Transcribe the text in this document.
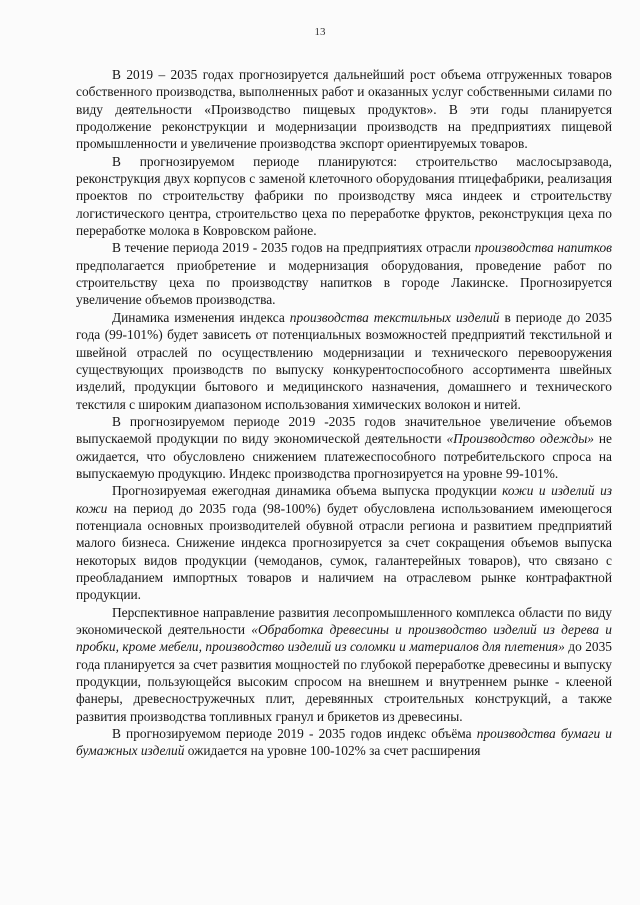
13

В 2019 – 2035 годах прогнозируется дальнейший рост объема отгруженных товаров собственного производства, выполненных работ и оказанных услуг собственными силами по виду деятельности «Производство пищевых продуктов». В эти годы планируется продолжение реконструкции и модернизации производств на предприятиях пищевой промышленности и увеличение производства экспорт ориентируемых товаров.

В прогнозируемом периоде планируются: строительство маслосырзавода, реконструкция двух корпусов с заменой клеточного оборудования птицефабрики, реализация проектов по строительству фабрики по производству мяса индеек и строительству логистического центра, строительство цеха по переработке фруктов, реконструкция цеха по переработке молока в Ковровском районе.

В течение периода 2019 - 2035 годов на предприятиях отрасли производства напитков предполагается приобретение и модернизация оборудования, проведение работ по строительству цеха по производству напитков в городе Лакинске. Прогнозируется увеличение объемов производства.

Динамика изменения индекса производства текстильных изделий в периоде до 2035 года (99-101%) будет зависеть от потенциальных возможностей предприятий текстильной и швейной отраслей по осуществлению модернизации и технического перевооружения существующих производств по выпуску конкурентоспособного ассортимента швейных изделий, продукции бытового и медицинского назначения, домашнего и технического текстиля с широким диапазоном использования химических волокон и нитей.

В прогнозируемом периоде 2019 -2035 годов значительное увеличение объемов выпускаемой продукции по виду экономической деятельности «Производство одежды» не ожидается, что обусловлено снижением платежеспособного потребительского спроса на выпускаемую продукцию. Индекс производства прогнозируется на уровне 99-101%.

Прогнозируемая ежегодная динамика объема выпуска продукции кожи и изделий из кожи на период до 2035 года (98-100%) будет обусловлена использованием имеющегося потенциала основных производителей обувной отрасли региона и развитием предприятий малого бизнеса. Снижение индекса прогнозируется за счет сокращения объемов выпуска некоторых видов продукции (чемоданов, сумок, галантерейных товаров), что связано с преобладанием импортных товаров и наличием на отраслевом рынке контрафактной продукции.

Перспективное направление развития лесопромышленного комплекса области по виду экономической деятельности «Обработка древесины и производство изделий из дерева и пробки, кроме мебели, производство изделий из соломки и материалов для плетения» до 2035 года планируется за счет развития мощностей по глубокой переработке древесины и выпуску продукции, пользующейся высоким спросом на внешнем и внутреннем рынке - клееной фанеры, древесностружечных плит, деревянных строительных конструкций, а также развития производства топливных гранул и брикетов из древесины.

В прогнозируемом периоде 2019 - 2035 годов индекс объёма производства бумаги и бумажных изделий ожидается на уровне 100-102% за счет расширения
